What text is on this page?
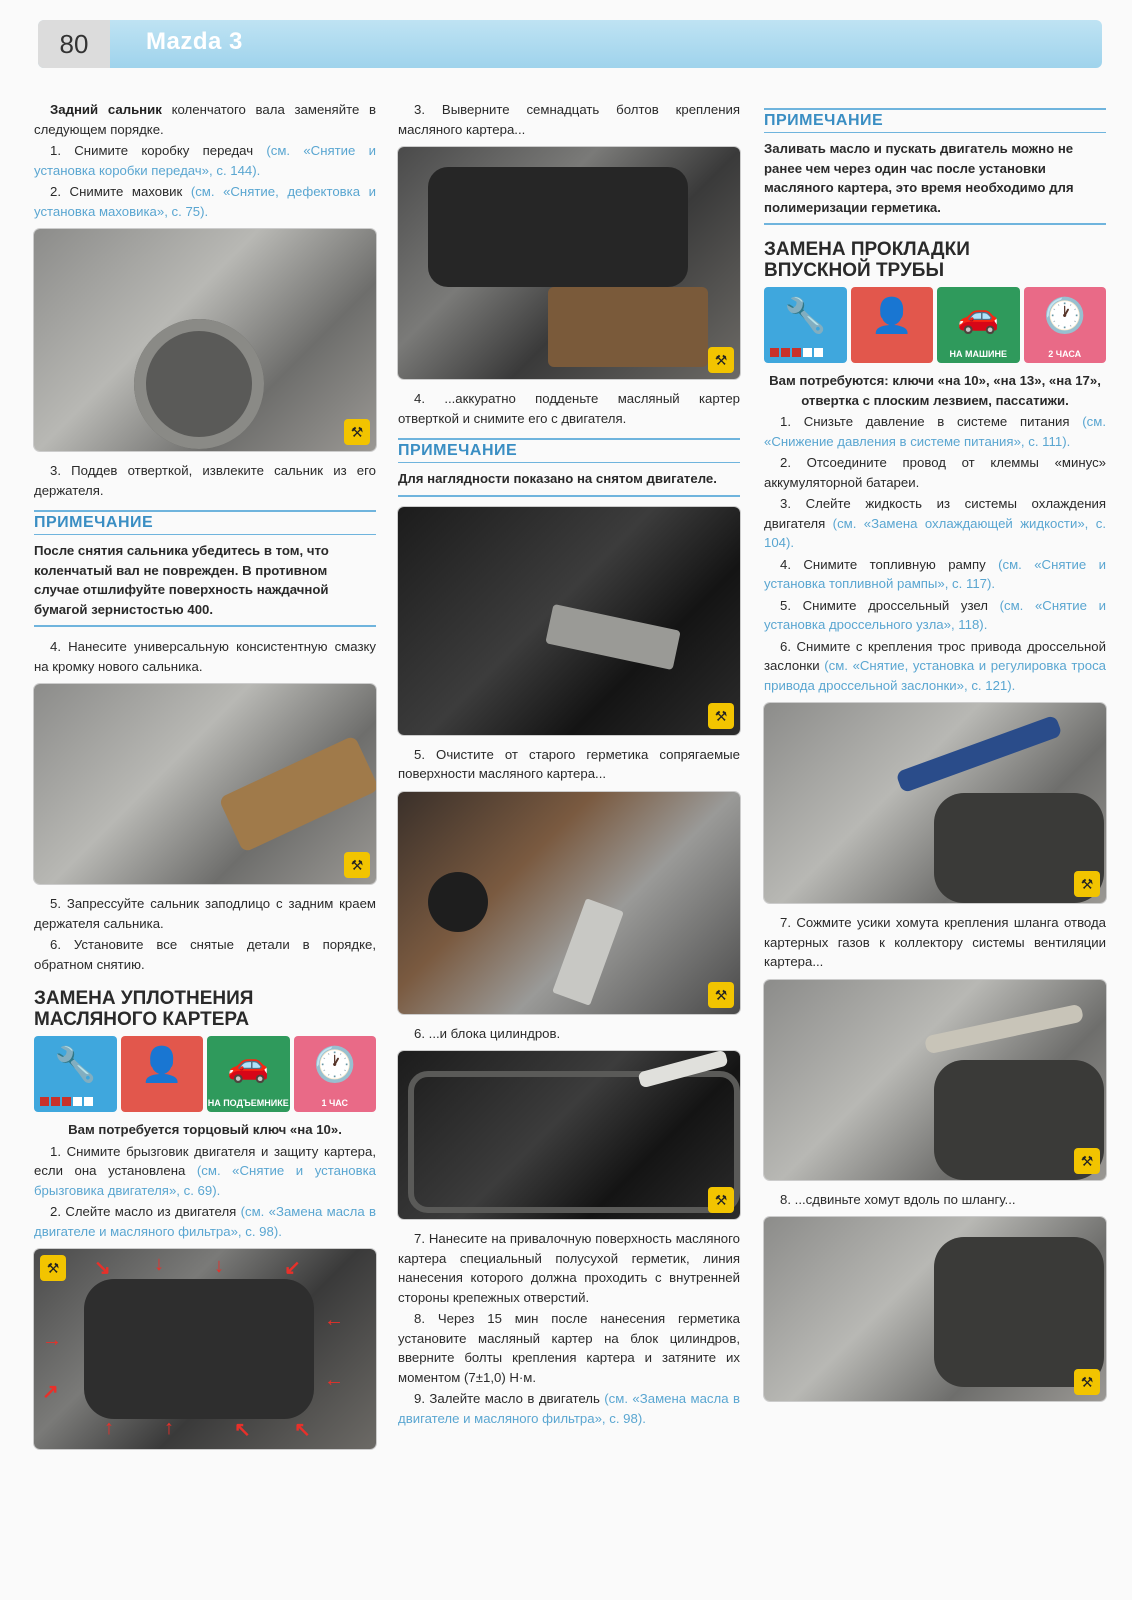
80	Mazda 3

Задний сальник коленчатого вала заменяйте в следующем порядке.

1. Снимите коробку передач (см. «Снятие и установка коробки передач», с. 144).

2. Снимите маховик (см. «Снятие, дефектовка и установка маховика», с. 75).

⚒

3. Поддев отверткой, извлеките сальник из его держателя.

ПРИМЕЧАНИЕ
После снятия сальника убедитесь в том, что коленчатый вал не поврежден. В противном случае отшлифуйте поверхность наждачной бумагой зернистостью 400.

4. Нанесите универсальную консистентную смазку на кромку нового сальника.

⚒

5. Запрессуйте сальник заподлицо с задним краем держателя сальника.

6. Установите все снятые детали в порядке, обратном снятию.

ЗАМЕНА УПЛОТНЕНИЯ
МАСЛЯНОГО КАРТЕРА
🔧	👤	🚗
НА ПОДЪЕМНИКЕ
🕐
1 ЧАС

Вам потребуется торцовый ключ «на 10».

1. Снимите брызговик двигателя и защиту картера, если она установлена (см. «Снятие и установка брызговика двигателя», с. 69).

2. Слейте масло из двигателя (см. «Замена масла в двигателе и масляного фильтра», с. 98).

↘ ↓	↓	↙
←
←
→
↗
↑	↑	↖ ↖
⚒

3. Выверните семнадцать болтов крепления масляного картера...

⚒

4. ...аккуратно подденьте масляный картер отверткой и снимите его с двигателя.

ПРИМЕЧАНИЕ
Для наглядности показано на снятом двигателе.
⚒

5. Очистите от старого герметика сопрягаемые поверхности масляного картера...

⚒

6. ...и блока цилиндров.

⚒

7. Нанесите на привалочную поверхность масляного картера специальный полусухой герметик, линия нанесения которого должна проходить с внутренней стороны крепежных отверстий.

8. Через 15 мин после нанесения герметика установите масляный картер на блок цилиндров, вверните болты крепления картера и затяните их моментом (7±1,0) Н·м.

9. Залейте масло в двигатель (см. «Замена масла в двигателе и масляного фильтра», с. 98).

ПРИМЕЧАНИЕ
Заливать масло и пускать двигатель можно не ранее чем через один час после установки масляного картера, это время необходимо для полимеризации герметика.
ЗАМЕНА ПРОКЛАДКИ
ВПУСКНОЙ ТРУБЫ
🔧	👤	🚗
НА МАШИНЕ
🕐
2 ЧАСА

Вам потребуются: ключи «на 10», «на 13», «на 17», отвертка с плоским лезвием, пассатижи.

1. Снизьте давление в системе питания (см. «Снижение давления в системе питания», с. 111).

2. Отсоедините провод от клеммы «минус» аккумуляторной батареи.

3. Слейте жидкость из системы охлаждения двигателя (см. «Замена охлаждающей жидкости», с. 104).

4. Снимите топливную рампу (см. «Снятие и установка топливной рампы», с. 117).

5. Снимите дроссельный узел (см. «Снятие и установка дроссельного узла», 118).

6. Снимите с крепления трос привода дроссельной заслонки (см. «Снятие, установка и регулировка троса привода дроссельной заслонки», с. 121).

⚒

7. Сожмите усики хомута крепления шланга отвода картерных газов к коллектору системы вентиляции картера...

⚒

8. ...сдвиньте хомут вдоль по шлангу...

⚒
